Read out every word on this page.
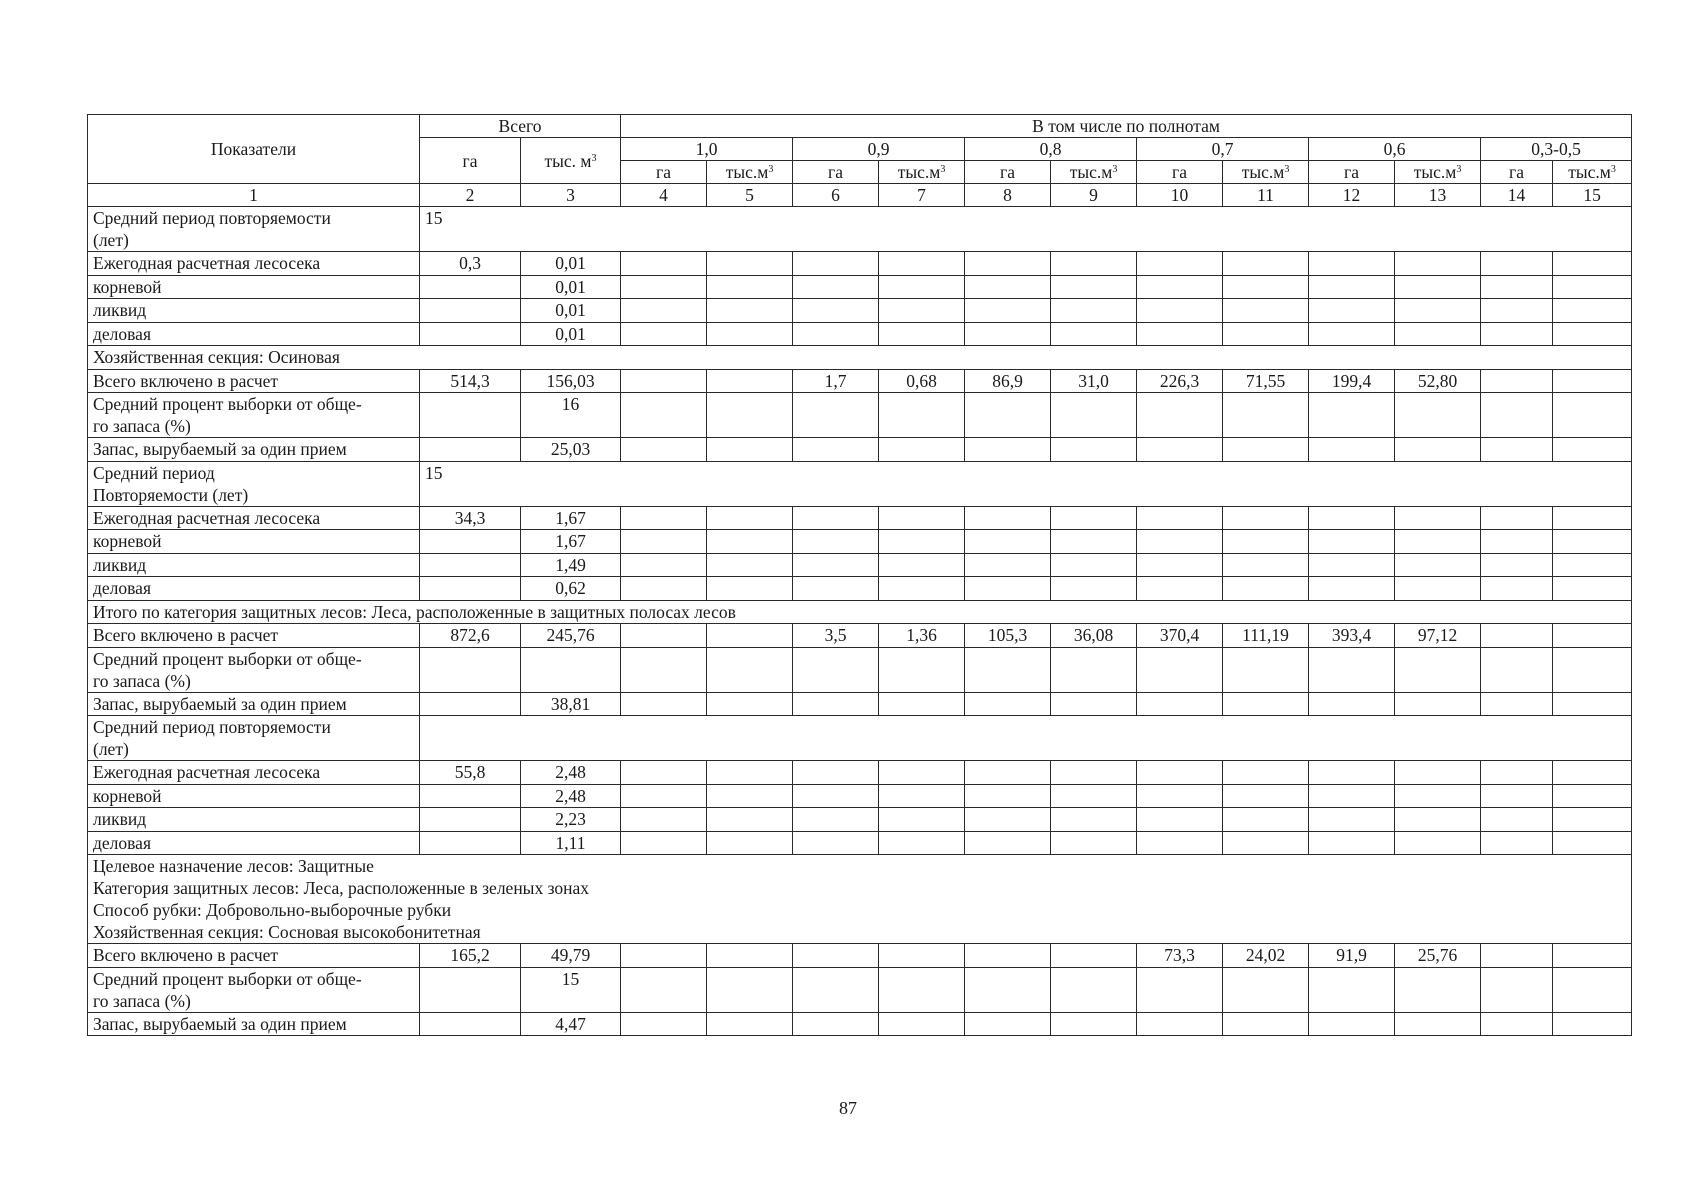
Показатели	Всего		В том числе по полнотам											
	га	тыс. $м^3$	1,0		0,9		0,8		0,7		0,6		0,3-0,5	
			га	$тыс.м^3$	га	$тыс.м^3$	га	$тыс.м^3$	га	$тыс.м^3$	га	$тыс.м^3$	га	$тыс.м^3$
1	2	3	4	5	6	7	8	9	10	11	12	13	14	15
Средний период повторяемости
(лет)	15													
Ежегодная расчетная лесосека	0,3	0,01												
корневой		0,01												
ликвид		0,01												
деловая		0,01												
Хозяйственная секция: Осиновая														
Всего включено в расчет	514,3	156,03			1,7	0,68	86,9	31,0	226,3	71,55	199,4	52,80		
Средний процент выборки от обще-
го запаса (%)		16												
Запас, вырубаемый за один прием		25,03												
Средний период
Повторяемости (лет)	15													
Ежегодная расчетная лесосека	34,3	1,67												
корневой		1,67												
ликвид		1,49												
деловая		0,62												
Итого по категория защитных лесов: Леса, расположенные в защитных полосах лесов														
Всего включено в расчет	872,6	245,76			3,5	1,36	105,3	36,08	370,4	111,19	393,4	97,12		
Средний процент выборки от обще-
го запаса (%)														
Запас, вырубаемый за один прием		38,81												
Средний период повторяемости
(лет)														
Ежегодная расчетная лесосека	55,8	2,48												
корневой		2,48												
ликвид		2,23												
деловая		1,11												
Целевое назначение лесов: Защитные
Категория защитных лесов: Леса, расположенные в зеленых зонах
Способ рубки: Добровольно-выборочные рубки
Хозяйственная секция: Сосновая высокобонитетная														
Всего включено в расчет	165,2	49,79							73,3	24,02	91,9	25,76		
Средний процент выборки от обще-
го запаса (%)		15												
Запас, вырубаемый за один прием		4,47												
87
